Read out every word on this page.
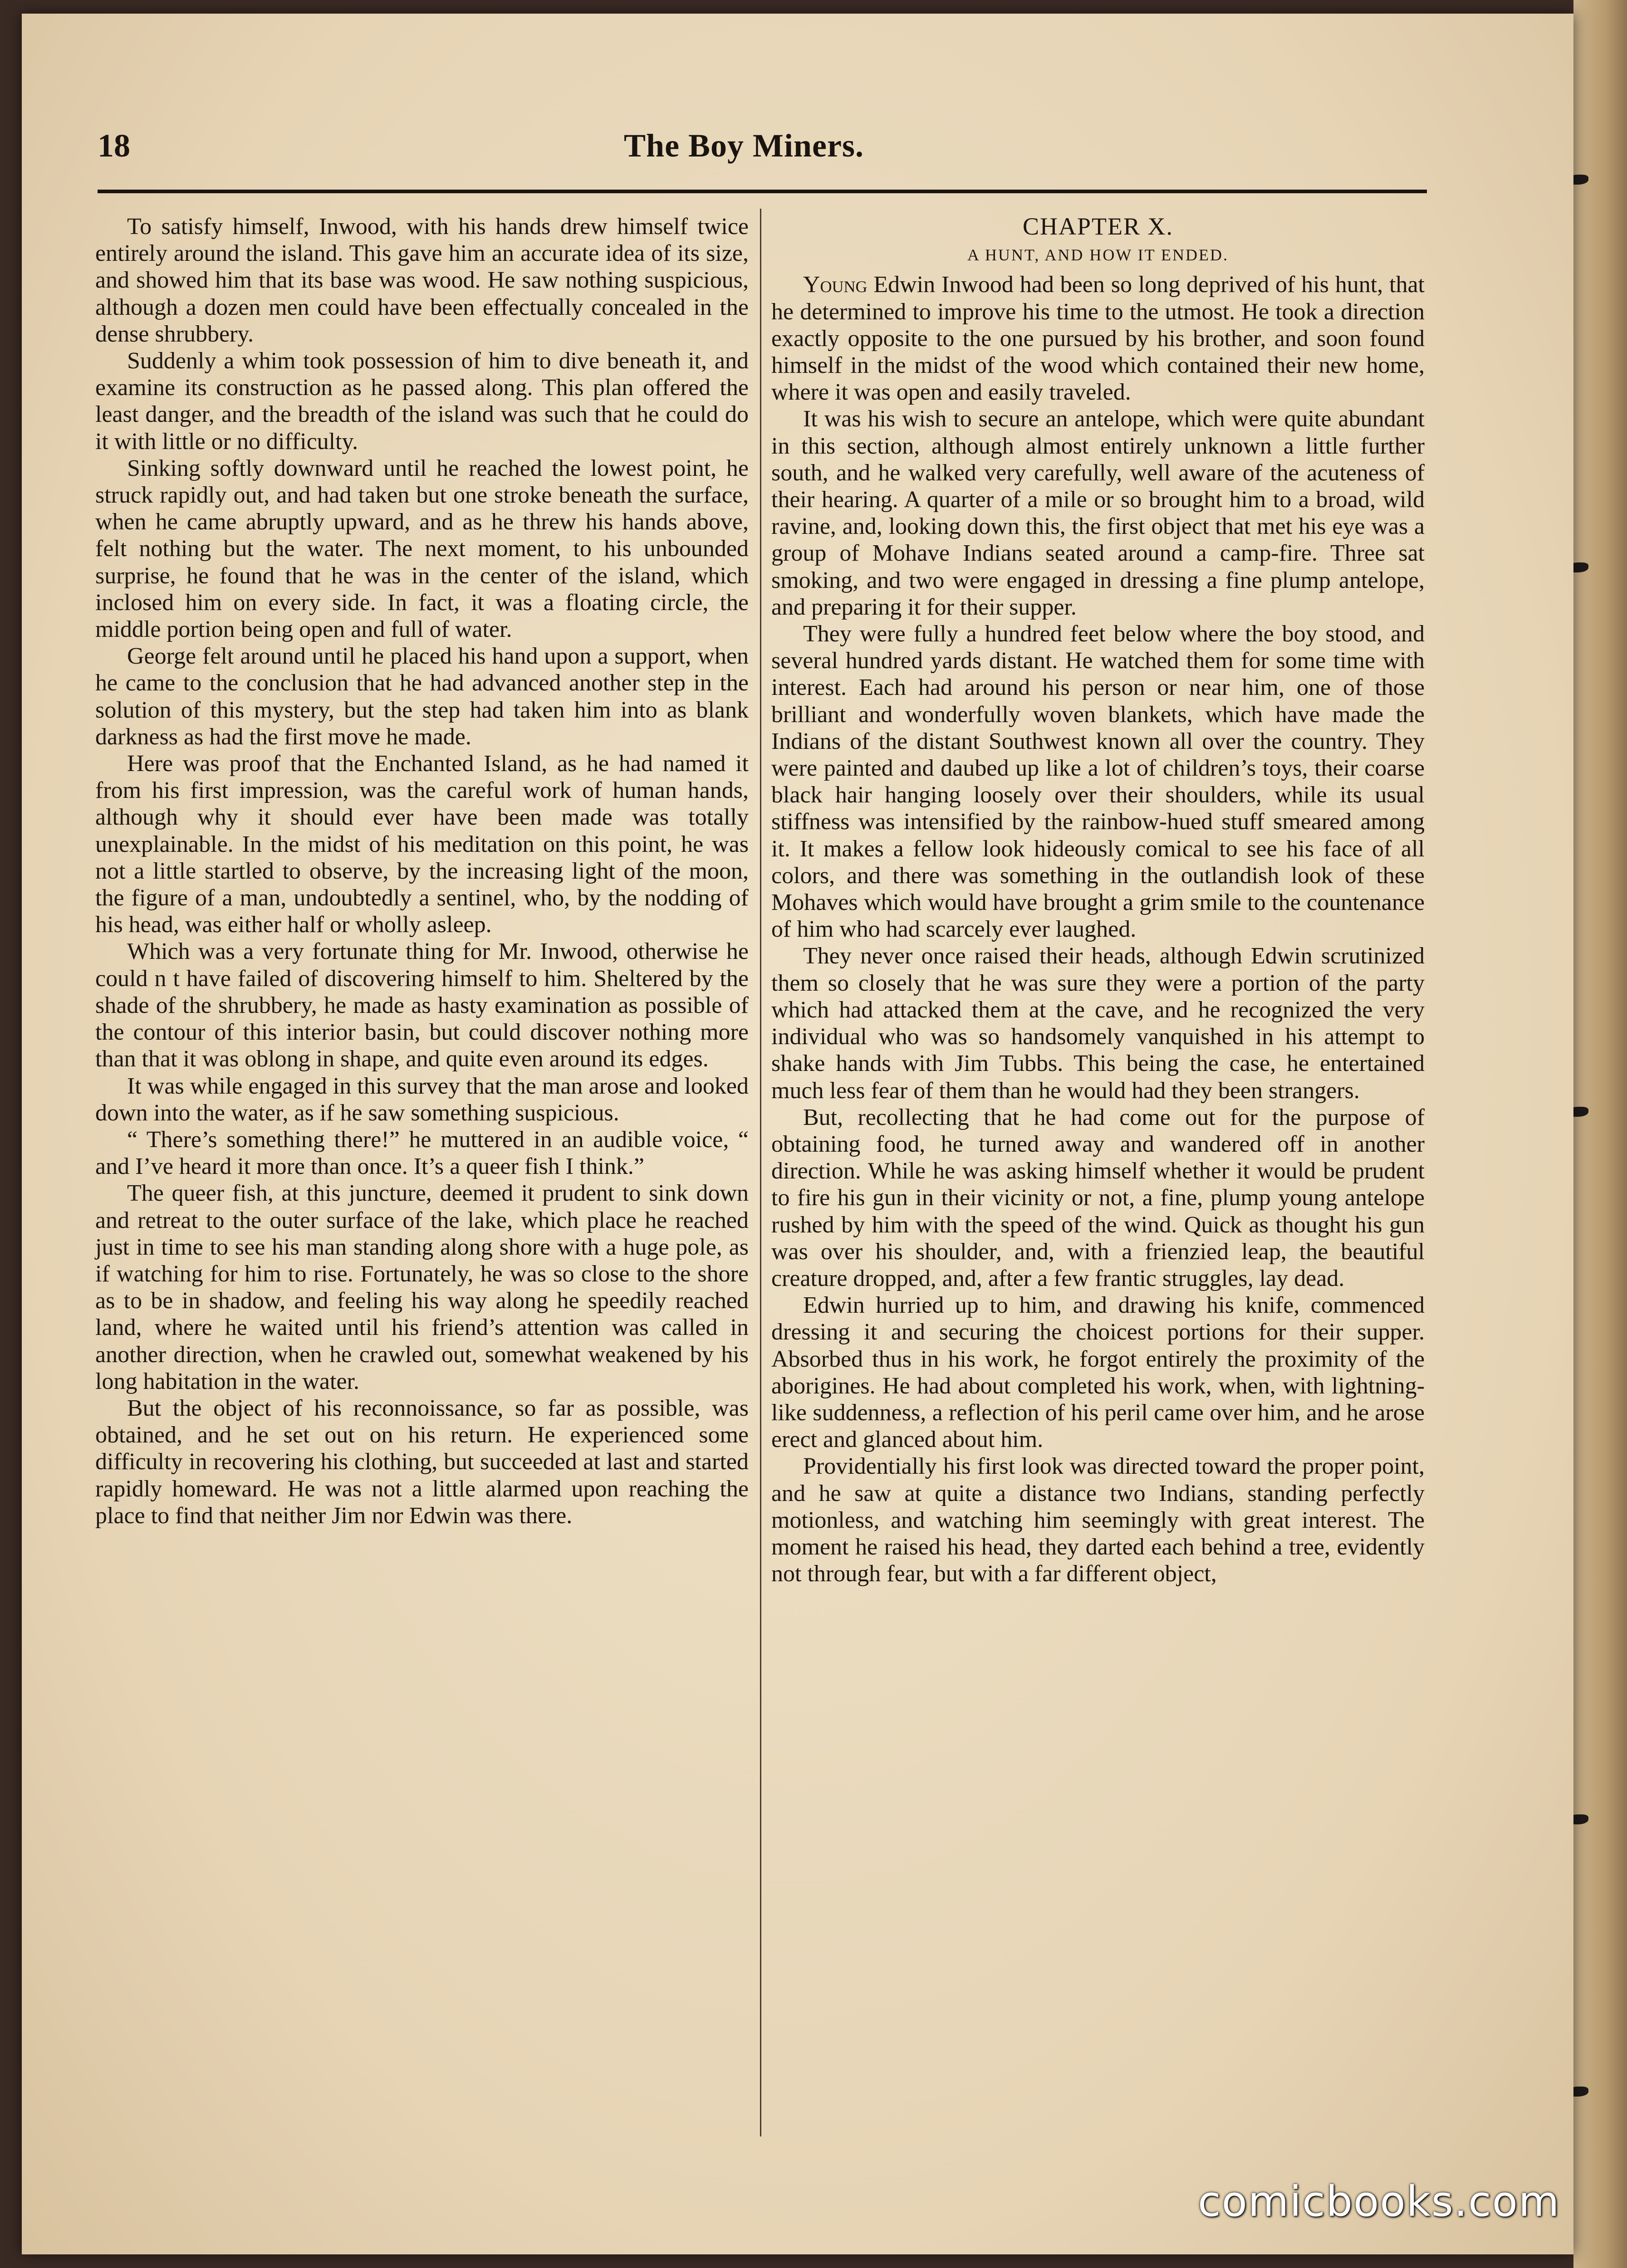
18	The Boy Miners.

To satisfy himself, Inwood, with his hands drew himself twice entirely around the island. This gave him an accurate idea of its size, and showed him that its base was wood. He saw nothing suspicious, although a dozen men could have been effectually concealed in the dense shrubbery.

Suddenly a whim took possession of him to dive beneath it, and examine its construction as he passed along. This plan offered the least danger, and the breadth of the island was such that he could do it with little or no difficulty.

Sinking softly downward until he reached the lowest point, he struck rapidly out, and had taken but one stroke beneath the surface, when he came abruptly upward, and as he threw his hands above, felt nothing but the water. The next moment, to his unbounded surprise, he found that he was in the center of the island, which inclosed him on every side. In fact, it was a floating circle, the middle portion being open and full of water.

George felt around until he placed his hand upon a support, when he came to the conclusion that he had advanced another step in the solution of this mystery, but the step had taken him into as blank darkness as had the first move he made.

Here was proof that the Enchanted Island, as he had named it from his first impression, was the careful work of human hands, although why it should ever have been made was totally unexplainable. In the midst of his meditation on this point, he was not a little startled to observe, by the increasing light of the moon, the figure of a man, undoubtedly a sentinel, who, by the nodding of his head, was either half or wholly asleep.

Which was a very fortunate thing for Mr. Inwood, otherwise he could n t have failed of discovering himself to him. Sheltered by the shade of the shrubbery, he made as hasty examination as possible of the contour of this interior basin, but could discover nothing more than that it was oblong in shape, and quite even around its edges.

It was while engaged in this survey that the man arose and looked down into the water, as if he saw something suspicious.

“ There’s something there!” he muttered in an audible voice, “ and I’ve heard it more than once. It’s a queer fish I think.”

The queer fish, at this juncture, deemed it prudent to sink down and retreat to the outer surface of the lake, which place he reached just in time to see his man standing along shore with a huge pole, as if watching for him to rise. Fortunately, he was so close to the shore as to be in shadow, and feeling his way along he speedily reached land, where he waited until his friend’s attention was called in another direction, when he crawled out, somewhat weakened by his long habitation in the water.

But the object of his reconnoissance, so far as possible, was obtained, and he set out on his return. He experienced some difficulty in recovering his clothing, but succeeded at last and started rapidly homeward. He was not a little alarmed upon reaching the place to find that neither Jim nor Edwin was there.

CHAPTER X.
A HUNT, AND HOW IT ENDED.

Young Edwin Inwood had been so long deprived of his hunt, that he determined to improve his time to the utmost. He took a direction exactly opposite to the one pursued by his brother, and soon found himself in the midst of the wood which contained their new home, where it was open and easily traveled.

It was his wish to secure an antelope, which were quite abundant in this section, although almost entirely unknown a little further south, and he walked very carefully, well aware of the acuteness of their hearing. A quarter of a mile or so brought him to a broad, wild ravine, and, looking down this, the first object that met his eye was a group of Mohave Indians seated around a camp-fire. Three sat smoking, and two were engaged in dressing a fine plump antelope, and preparing it for their supper.

They were fully a hundred feet below where the boy stood, and several hundred yards distant. He watched them for some time with interest. Each had around his person or near him, one of those brilliant and wonderfully woven blankets, which have made the Indians of the distant Southwest known all over the country. They were painted and daubed up like a lot of children’s toys, their coarse black hair hanging loosely over their shoulders, while its usual stiffness was intensified by the rainbow-hued stuff smeared among it. It makes a fellow look hideously comical to see his face of all colors, and there was something in the outlandish look of these Mohaves which would have brought a grim smile to the countenance of him who had scarcely ever laughed.

They never once raised their heads, although Edwin scrutinized them so closely that he was sure they were a portion of the party which had attacked them at the cave, and he recognized the very individual who was so handsomely vanquished in his attempt to shake hands with Jim Tubbs. This being the case, he entertained much less fear of them than he would had they been strangers.

But, recollecting that he had come out for the purpose of obtaining food, he turned away and wandered off in another direction. While he was asking himself whether it would be prudent to fire his gun in their vicinity or not, a fine, plump young antelope rushed by him with the speed of the wind. Quick as thought his gun was over his shoulder, and, with a frienzied leap, the beautiful creature dropped, and, after a few frantic struggles, lay dead.

Edwin hurried up to him, and drawing his knife, commenced dressing it and securing the choicest portions for their supper. Absorbed thus in his work, he forgot entirely the proximity of the aborigines. He had about completed his work, when, with lightning-like suddenness, a reflection of his peril came over him, and he arose erect and glanced about him.

Providentially his first look was directed toward the proper point, and he saw at quite a distance two Indians, standing perfectly motionless, and watching him seemingly with great interest. The moment he raised his head, they darted each behind a tree, evidently not through fear, but with a far different object,

comicbooks.com
